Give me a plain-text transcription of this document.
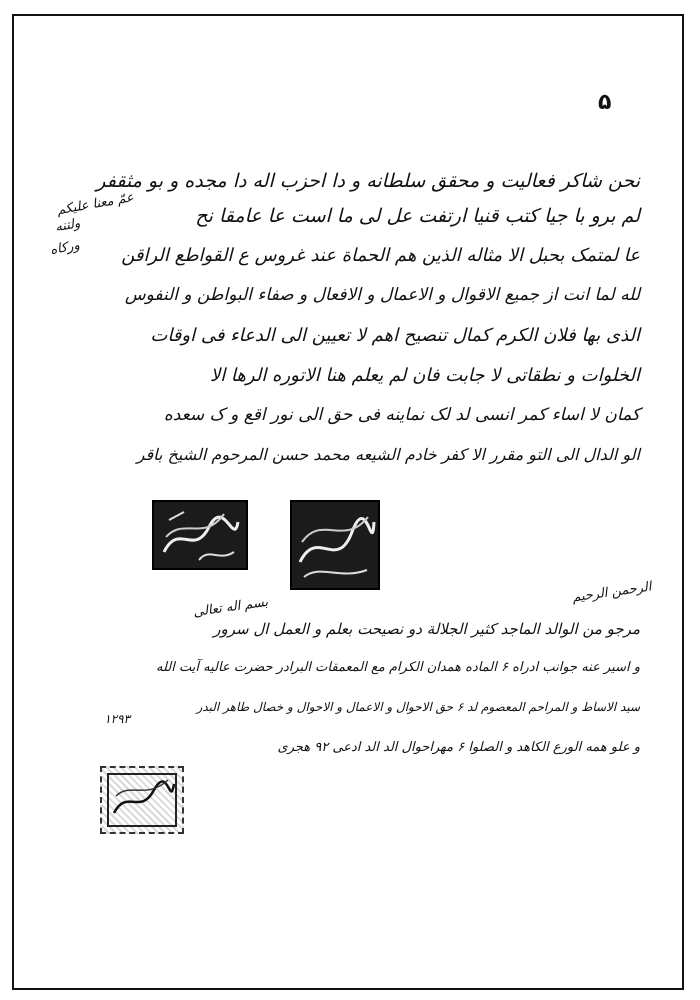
۵
عمّ معنا علیکم
ولتنه
وركاه
نحن شاکر فعالیت و محقق سلطانه و دا احزب اله دا مجده و بو مثقفر
لم برو با جیا کتب قنیا ارتفت عل لی ما است عا عامقا نح
عا لمتمک بحبل الا مثاله الذین هم الحماة عند غروس ع القواطع الراقن
لله لما انت از جمیع الاقوال و الاعمال و الافعال و صفاء البواطن و النفوس
الذی بها فلان الکرم کمال تنصیح اهم لا تعیین الی الدعاء فی اوقات
الخلوات و نطقاتی لا جابت فان لم یعلم هنا الاتوره الرها الا
کمان لا اساء کمر انسی لد لک نماینه فی حق الی نور اقع و ک سعده
الو الدال الی التو مقرر الا کفر خادم الشیعه محمد حسن المرحوم الشیخ باقر
بسم اله تعالی
الرحمن الرحیم
مرجو من الوالد الماجد کثیر الجلالة دو نصیحت بعلم و العمل ال سرور
و اسیر عنه جوانب ادراه ۶ الماده همدان الکرام مع المعمقات البرادر حضرت عالیه آیت الله
سید الاساط و المراحم المعصوم لد ۶ حق الاحوال و الاعمال و الاحوال و خصال طاهر البدر
۱۲۹۳
و علو همه الورع الکاهد و الصلوا ۶ مهراحوال الد الد ادعی ۹۲ هجری
